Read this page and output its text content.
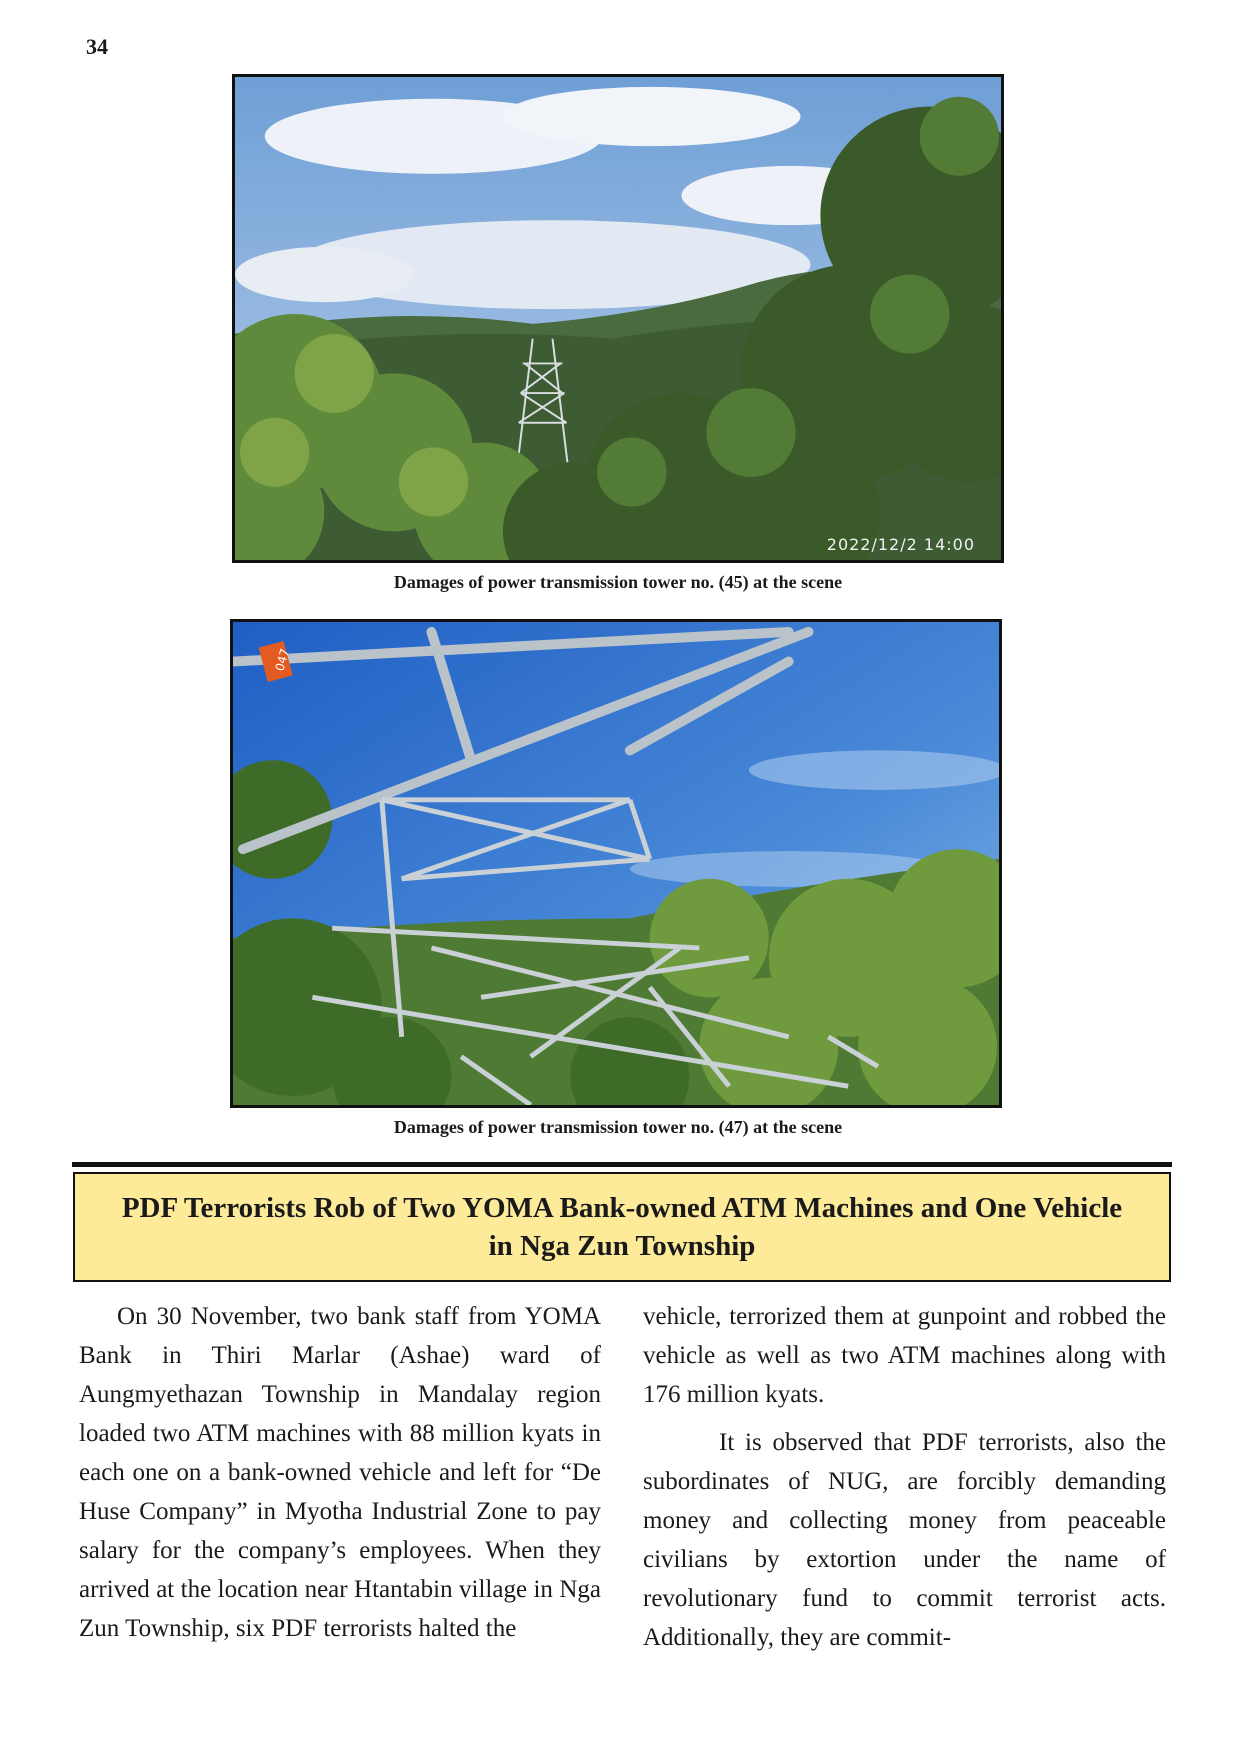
34
2022/12/2 14:00
Damages of power transmission tower no. (45) at the scene
047
Damages of power transmission tower no. (47) at the scene
PDF Terrorists Rob of Two YOMA Bank-owned ATM Machines and One Vehicle in Nga Zun Township

On 30 November, two bank staff from YOMA Bank in Thiri Marlar (Ashae) ward of Aungmyethazan Township in Mandalay region loaded two ATM machines with 88 million kyats in each one on a bank-owned vehicle and left for “De Huse Company” in Myotha Industrial Zone to pay salary for the company’s employees. When they arrived at the location near Htantabin village in Nga Zun Township, six PDF terrorists halted the

vehicle, terrorized them at gunpoint and robbed the vehicle as well as two ATM machines along with 176 million kyats.

It is observed that PDF terrorists, also the subordinates of NUG, are forcibly demanding money and collecting money from peaceable civilians by extortion under the name of revolutionary fund to commit terrorist acts. Additionally, they are commit-
